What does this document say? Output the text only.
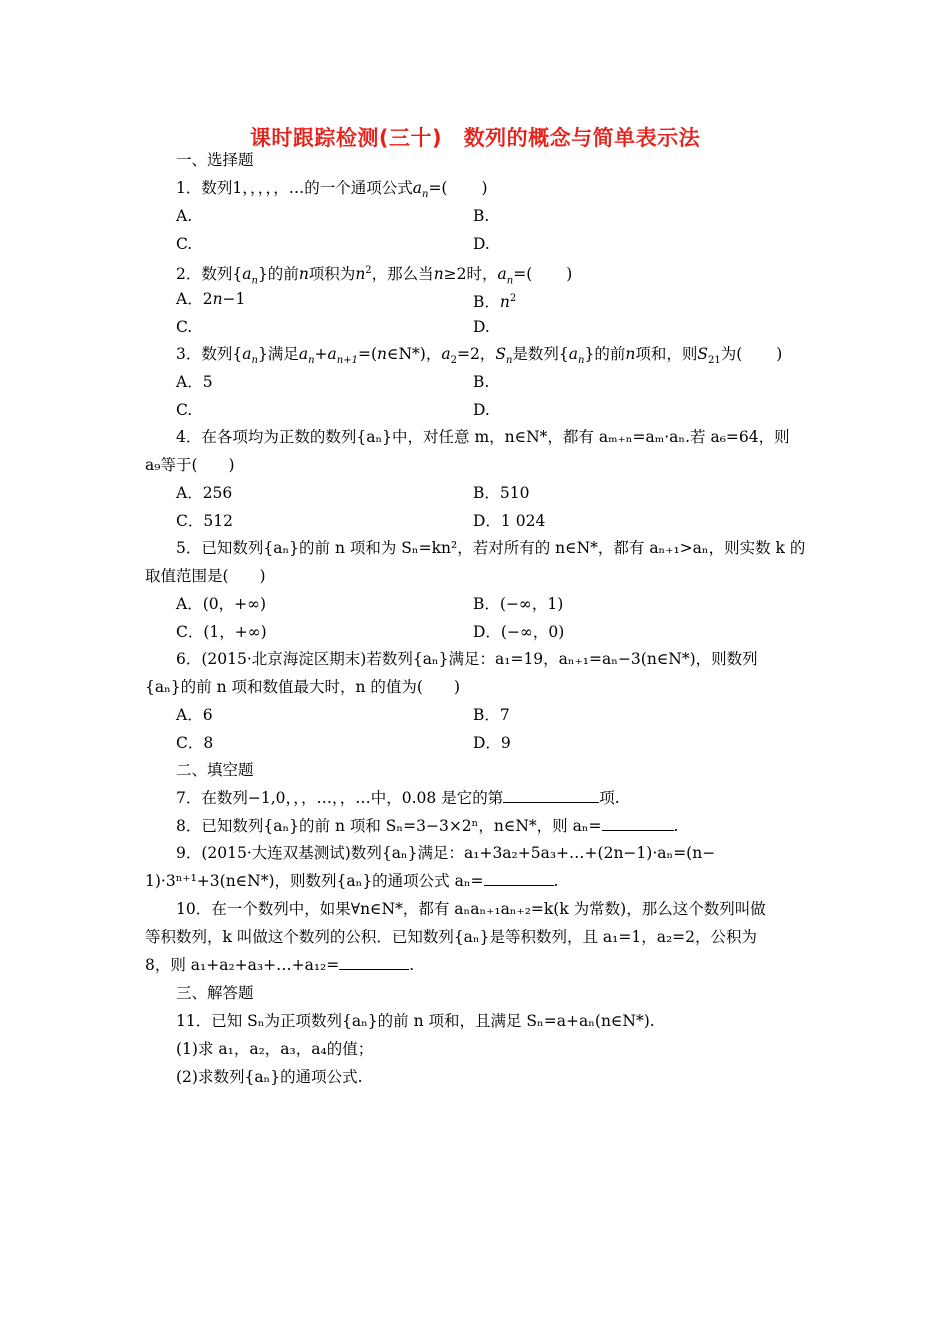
课时跟踪检测(三十)　数列的概念与简单表示法
一、选择题
1．数列1，，，，，…的一个通项公式$a_n=$( )
A.	B.
C.	D.
2．数列$\{a_n\}$的前n项积为$n^2$，那么当n≥2时，$a_n=$( )
A．2n−1	B．$n^2$
C.	D.
3．数列$\{a_n\}$满足$a_n+a_{n+1}=(n\in N*)$，$a_2=2$，$S_n$是数列$\{a_n\}$的前n项和，则$S_{21}$为( )
A．5	B.
C.	D.
4．在各项均为正数的数列{aₙ}中，对任意 m，n∈N*，都有 aₘ₊ₙ=aₘ·aₙ.若 a₆=64，则
a₉等于(　　)
A．256	B．510
C．512	D．1 024
5．已知数列{aₙ}的前 n 项和为 Sₙ=kn²，若对所有的 n∈N*，都有 aₙ₊₁>aₙ，则实数 k 的
取值范围是(　　)
A．(0，+∞)	B．(−∞，1)
C．(1，+∞)	D．(−∞，0)
6．(2015·北京海淀区期末)若数列{aₙ}满足：a₁=19，aₙ₊₁=aₙ−3(n∈N*)，则数列
{aₙ}的前 n 项和数值最大时，n 的值为(　　)
A．6	B．7
C．8	D．9
二、填空题
7．在数列−1,0，，，…，，…中，0.08 是它的第	项.
8．已知数列{aₙ}的前 n 项和 Sₙ=3−3×2ⁿ，n∈N*，则 aₙ=	.
9．(2015·大连双基测试)数列{aₙ}满足：a₁+3a₂+5a₃+…+(2n−1)·aₙ=(n−
1)·3ⁿ⁺¹+3(n∈N*)，则数列{aₙ}的通项公式 aₙ=	.
10．在一个数列中，如果∀n∈N*，都有 aₙaₙ₊₁aₙ₊₂=k(k 为常数)，那么这个数列叫做
等积数列，k 叫做这个数列的公积．已知数列{aₙ}是等积数列，且 a₁=1，a₂=2，公积为
8，则 a₁+a₂+a₃+…+a₁₂=	.
三、解答题
11．已知 Sₙ为正项数列{aₙ}的前 n 项和，且满足 Sₙ=a+aₙ(n∈N*).
(1)求 a₁，a₂，a₃，a₄的值；
(2)求数列{aₙ}的通项公式.
